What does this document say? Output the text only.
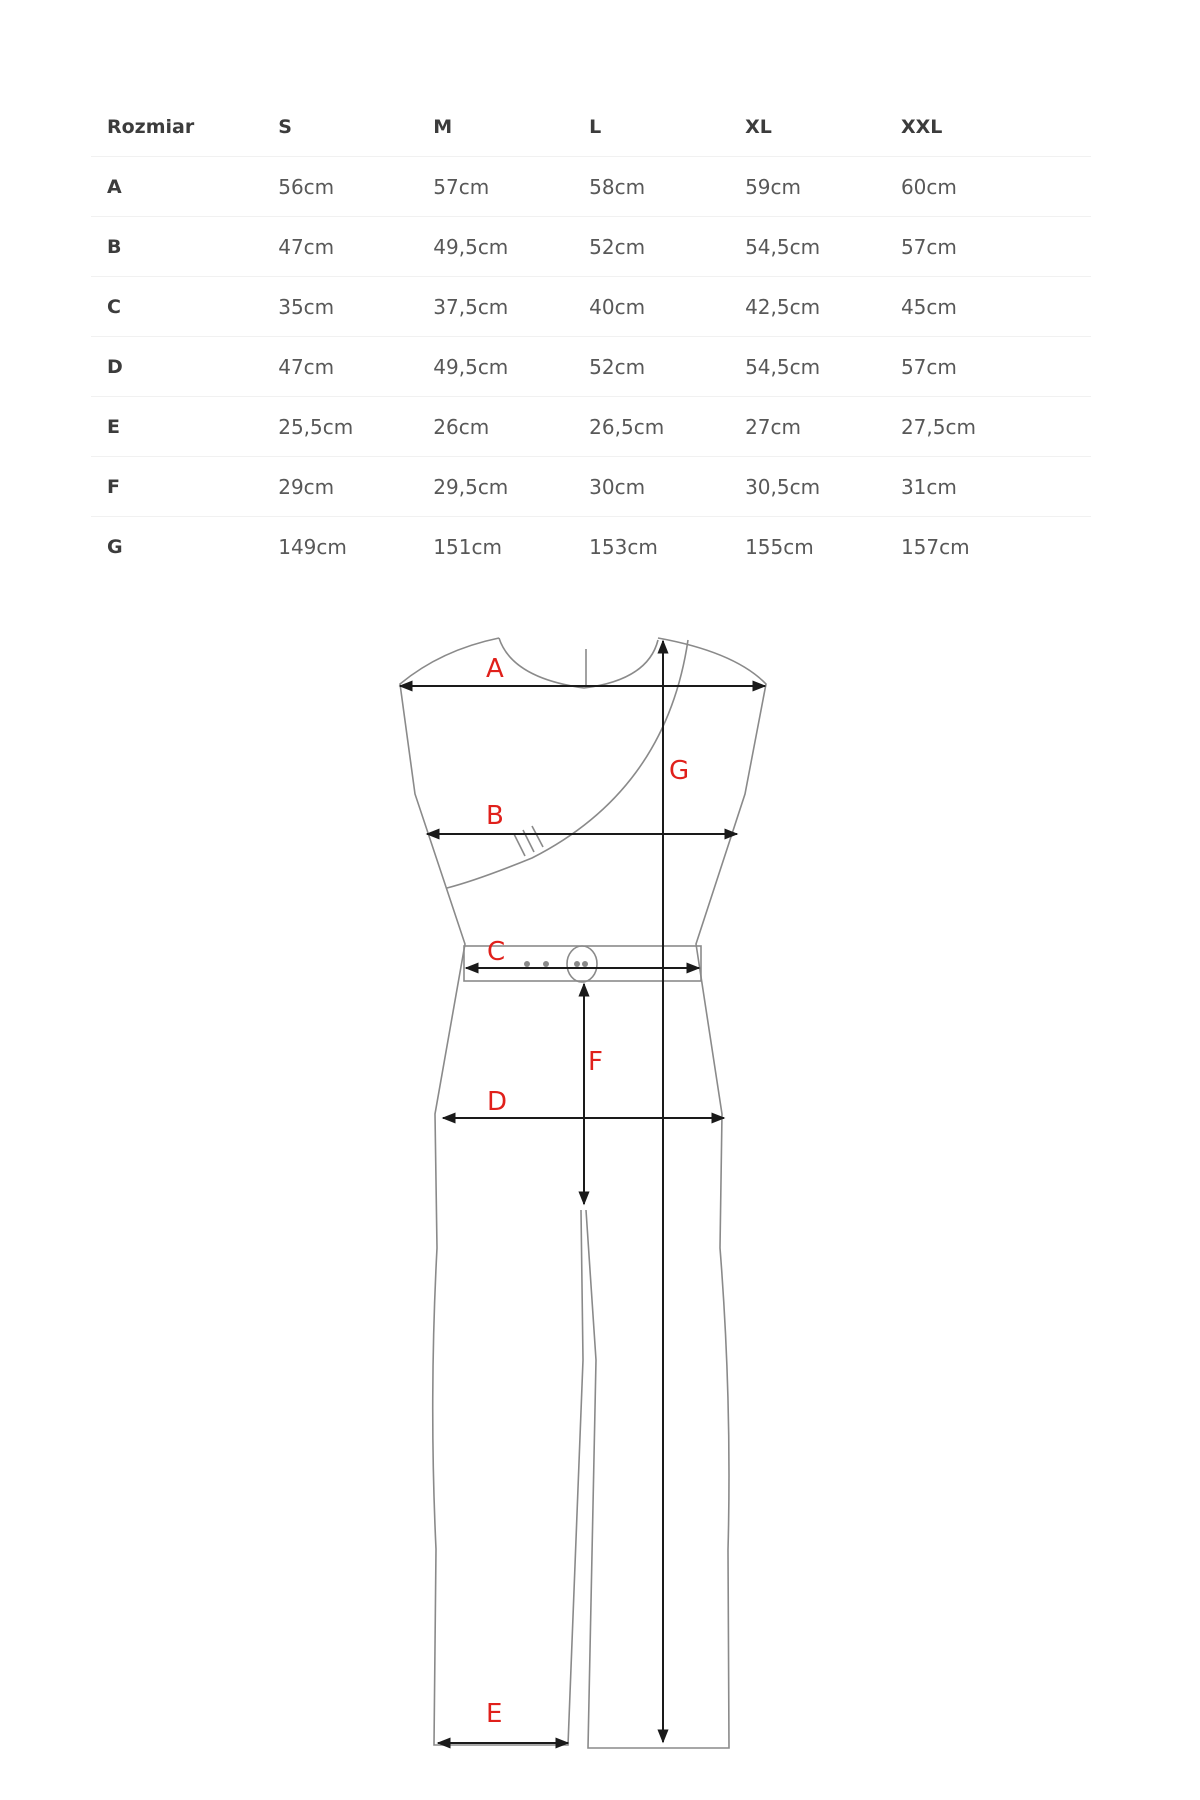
Rozmiar	S	M	L	XL	XXL
A	56cm	57cm	58cm	59cm	60cm
B	47cm	49,5cm	52cm	54,5cm	57cm
C	35cm	37,5cm	40cm	42,5cm	45cm
D	47cm	49,5cm	52cm	54,5cm	57cm
E	25,5cm	26cm	26,5cm	27cm	27,5cm
F	29cm	29,5cm	30cm	30,5cm	31cm
G	149cm	151cm	153cm	155cm	157cm
A
B
C
D
E
F
G
